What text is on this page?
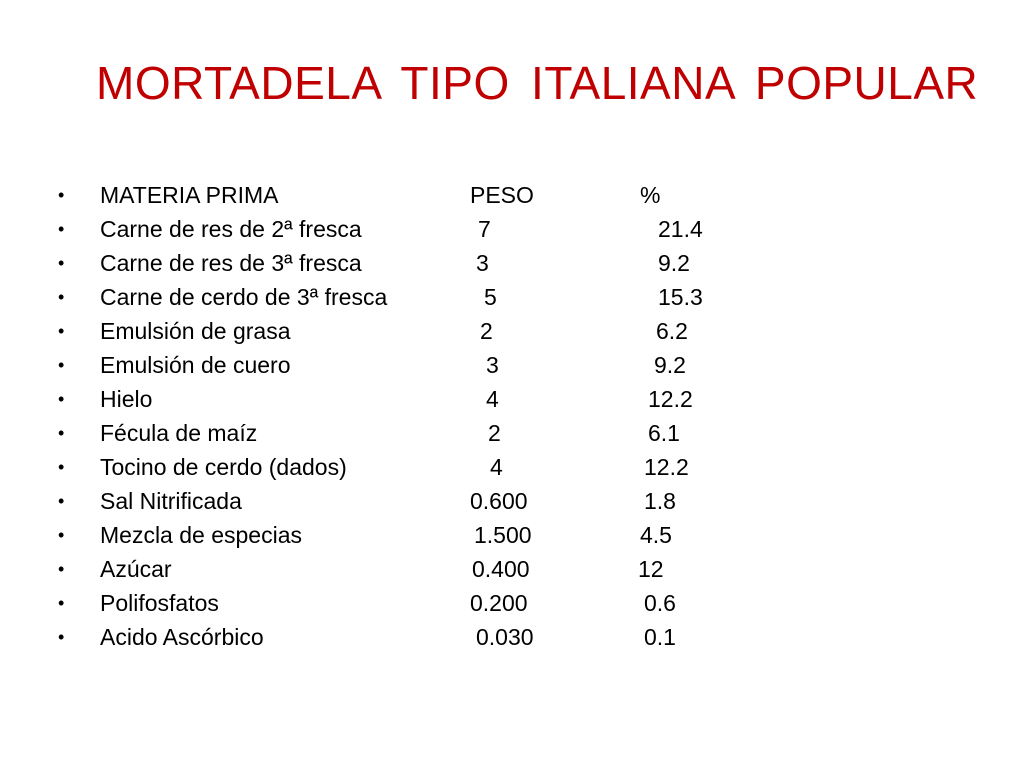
MORTADELA TIPO ITALIANA POPULAR
• MATERIA PRIMA	PESO	%
• Carne de res de 2ª fresca	7	21.4
• Carne de res de 3ª fresca	3	9.2
• Carne de cerdo de 3ª fresca	5	15.3
• Emulsión de grasa	2	6.2
• Emulsión de cuero	3	9.2
• Hielo	4	12.2
• Fécula de maíz	2	6.1
• Tocino de cerdo (dados)	4	12.2
• Sal Nitrificada	0.600	1.8
• Mezcla de especias	1.500	4.5
• Azúcar	0.400	12
• Polifosfatos	0.200	0.6
• Acido Ascórbico	0.030	0.1
